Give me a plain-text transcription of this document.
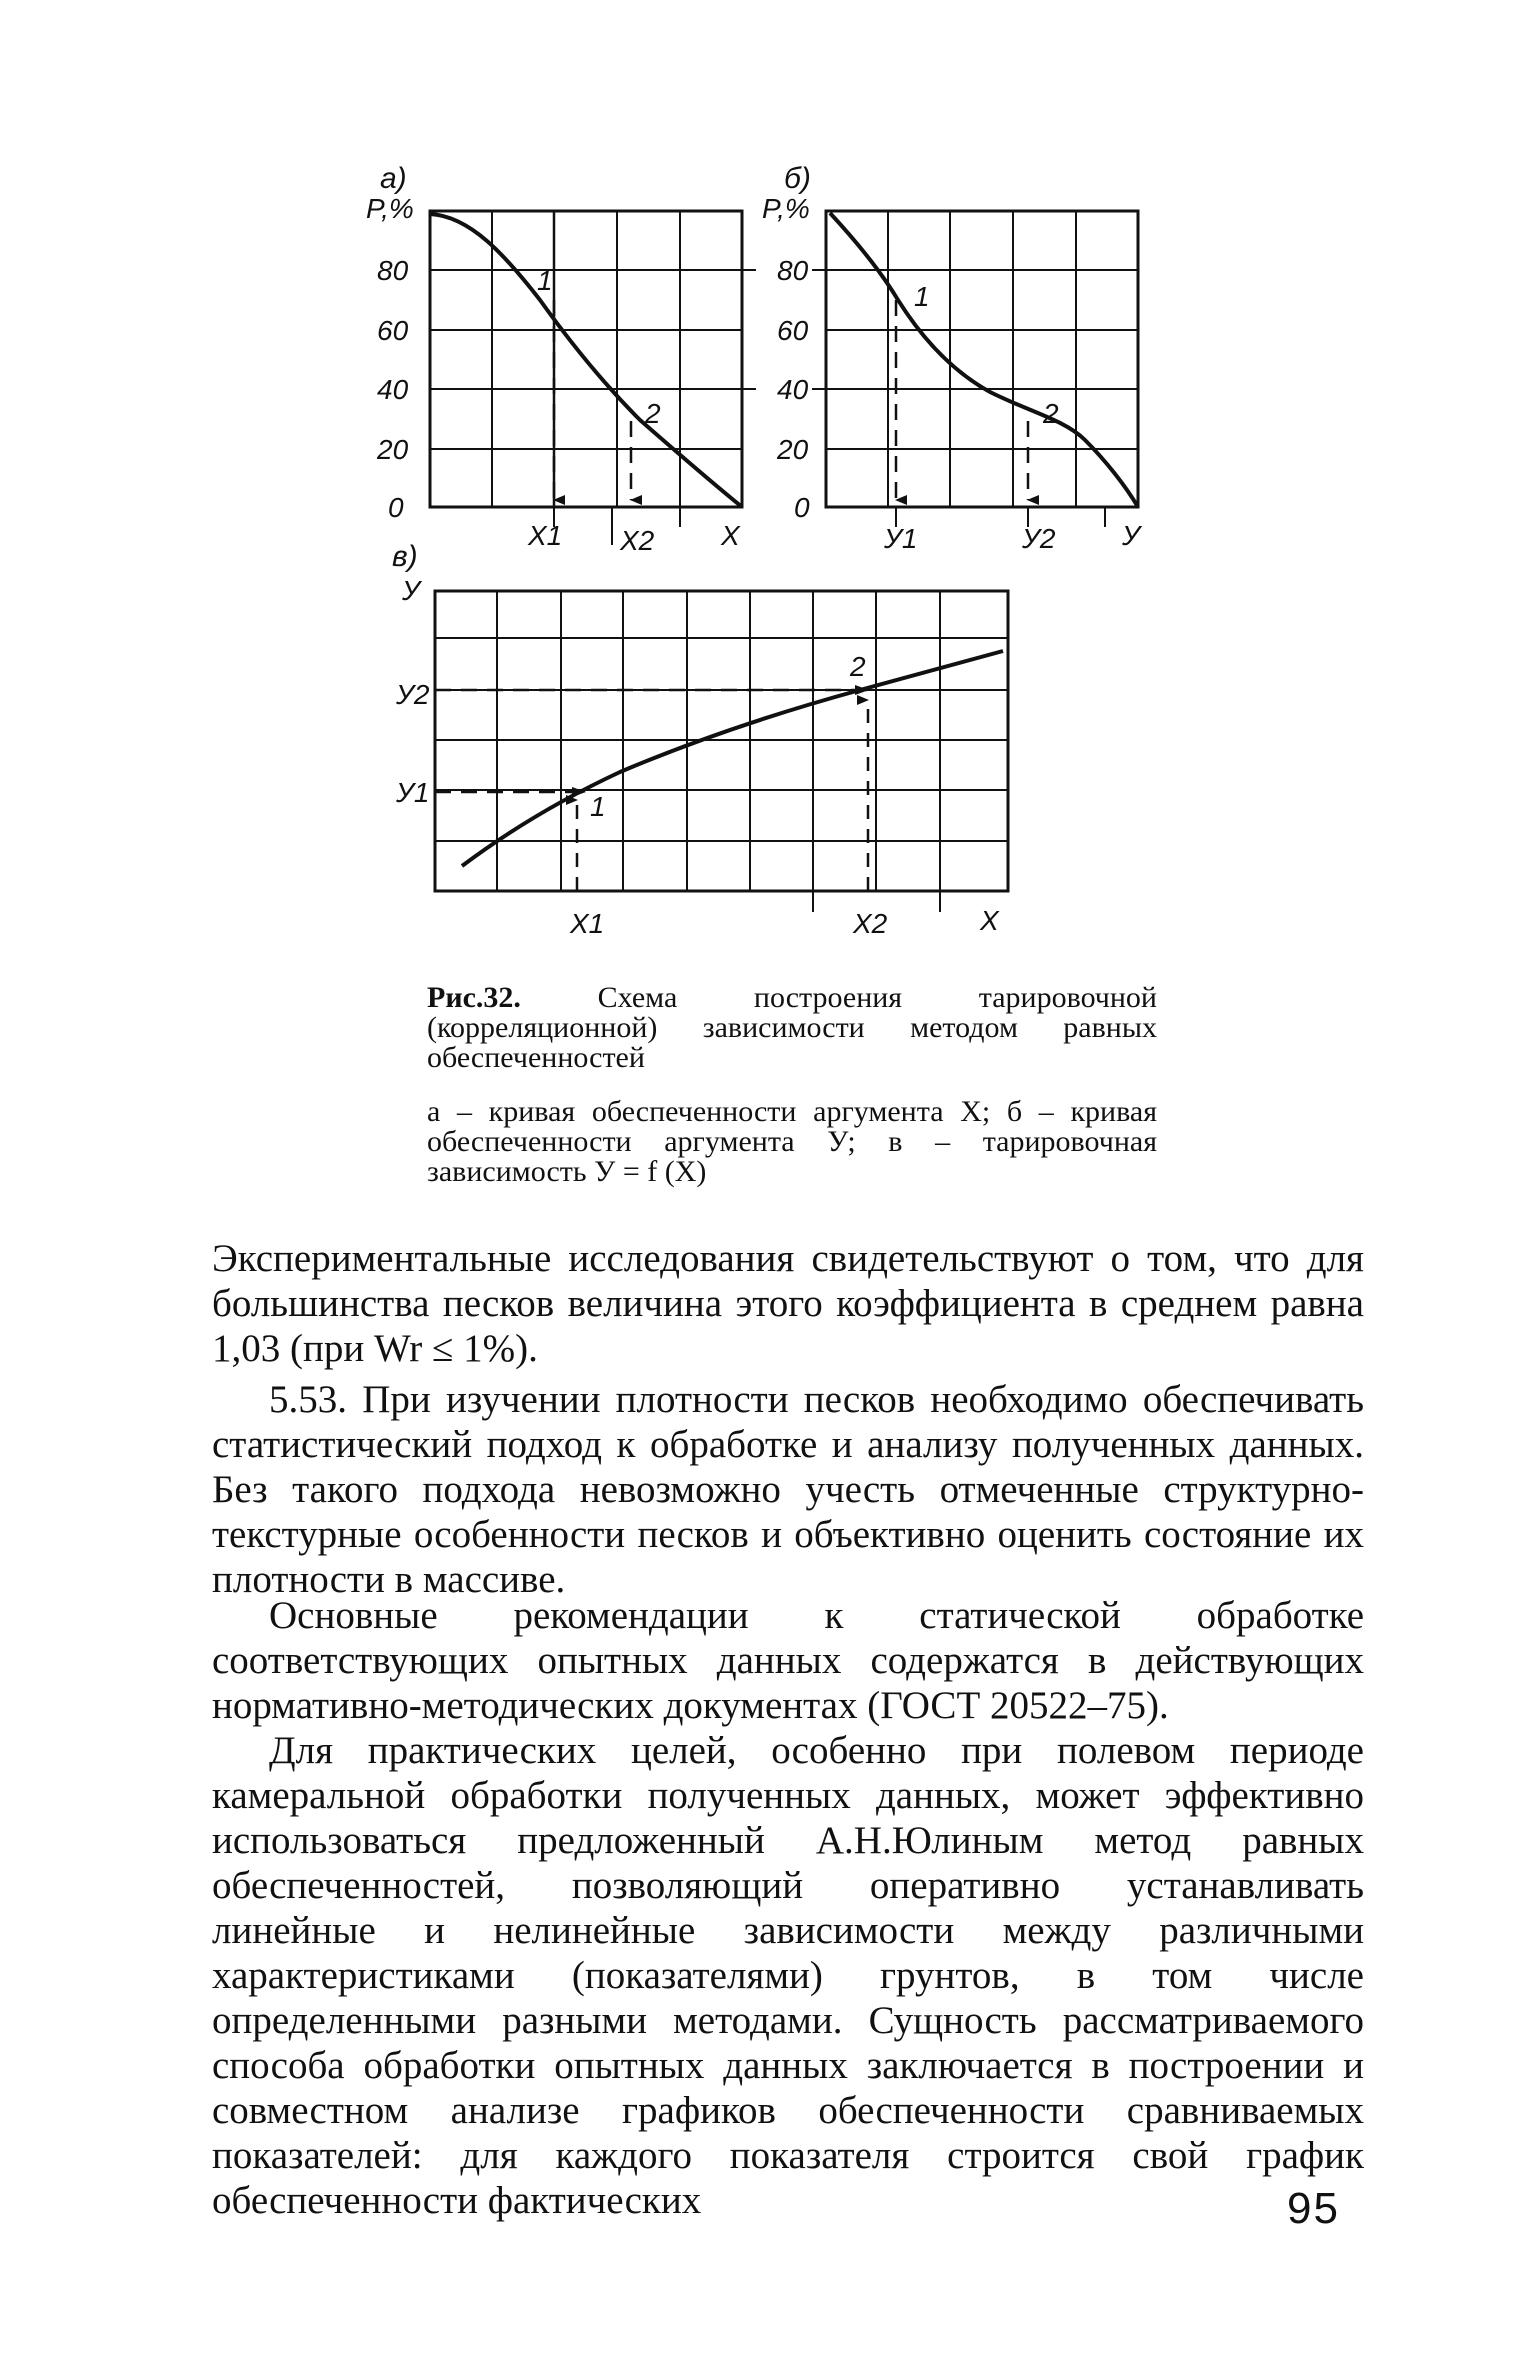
а)
P,%
80
60
40
20
0
1
2
X1 X2 X
б)
P,%
80
60
40
20
0
1
2
У1	У2 У
в)
У
У2
У1
2
1
X1	X2	X
Рис.32.	Схема построения тарировочной (корреляционной) зависимости методом равных обеспеченностей
а – кривая обеспеченности аргумента X; б – кривая обеспеченности аргумента У; в – тарировочная зависимость У = f (X)
Экспериментальные исследования свидетельствуют о том, что для большинства песков величина этого коэффициента в среднем равна 1,03 (при Wr ≤ 1%).
5.53. При изучении плотности песков необходимо обеспечивать статистический подход к обработке и анализу полученных данных. Без такого подхода невозможно учесть отмеченные структурно-текстурные особенности песков и объективно оценить состояние их плотности в массиве.
Основные рекомендации к статической обработке соответствующих опытных данных содержатся в действующих нормативно-методических документах (ГОСТ 20522–75).
Для практических целей, особенно при полевом периоде камеральной обработки полученных данных, может эффективно использоваться предложенный А.Н.Юлиным метод равных обеспеченностей, позволяющий оперативно устанавливать линейные и нелинейные зависимости между различными характеристиками (показателями) грунтов, в том числе определенными разными методами. Сущность рассматриваемого способа обработки опытных данных заключается в построении и совместном анализе графиков обеспеченности сравниваемых показателей: для каждого показателя строится свой график обеспеченности фактических	95
